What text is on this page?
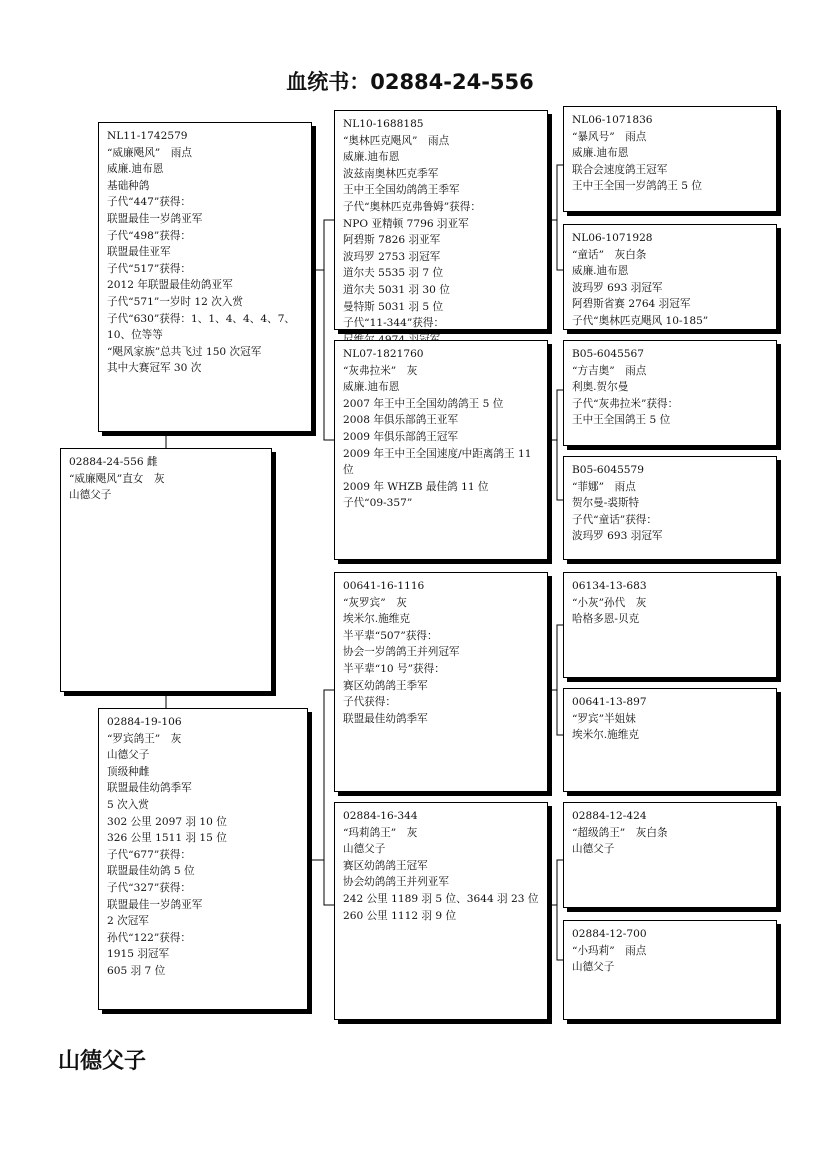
血统书：02884-24-556
02884-24-556 雌
“威廉飓风”直女　灰
山德父子
NL11-1742579
“威廉飓风”　雨点
威廉.迪布恩
基础种鸽
子代“447”获得：
联盟最佳一岁鸽亚军
子代“498”获得：
联盟最佳亚军
子代“517”获得：
2012 年联盟最佳幼鸽亚军
子代“571”一岁时 12 次入赏
子代“630”获得：1、1、4、4、4、7、10、位等等
“飓风家族”总共飞过 150 次冠军
其中大赛冠军 30 次
02884-19-106
“罗宾鸽王”　灰
山德父子
顶级种雌
联盟最佳幼鸽季军
5 次入赏
302 公里 2097 羽 10 位
326 公里 1511 羽 15 位
子代“677”获得：
联盟最佳幼鸽 5 位
子代“327”获得：
联盟最佳一岁鸽亚军
2 次冠军
孙代“122”获得：
1915 羽冠军
605 羽 7 位
NL10-1688185
“奥林匹克飓风”　雨点
威廉.迪布恩
波兹南奥林匹克季军
王中王全国幼鸽鸽王季军
子代“奥林匹克弗鲁姆”获得：
NPO 亚精顿 7796 羽亚军
阿碧斯 7826 羽亚军
波玛罗 2753 羽冠军
道尔夫 5535 羽 7 位
道尔夫 5031 羽 30 位
曼特斯 5031 羽 5 位
子代“11-344”获得：
NL07-1821760
“灰弗拉米”　灰
威廉.迪布恩
2007 年王中王全国幼鸽鸽王 5 位
2008 年俱乐部鸽王亚军
2009 年俱乐部鸽王冠军
2009 年王中王全国速度/中距离鸽王 11 位
2009 年 WHZB 最佳鸽 11 位
子代“09-357”
00641-16-1116
“灰罗宾”　灰
埃米尔.施维克
半平辈“507”获得：
协会一岁鸽鸽王并列冠军
半平辈“10 号”获得：
赛区幼鸽鸽王季军
子代获得：
联盟最佳幼鸽季军
02884-16-344
“玛莉鸽王”　灰
山德父子
赛区幼鸽鸽王冠军
协会幼鸽鸽王并列亚军
242 公里 1189 羽 5 位、3644 羽 23 位
260 公里 1112 羽 9 位
NL06-1071836
“暴风号”　雨点
威廉.迪布恩
联合会速度鸽王冠军
王中王全国一岁鸽鸽王 5 位
NL06-1071928
“童话”　灰白条
威廉.迪布恩
波玛罗 693 羽冠军
阿碧斯省赛 2764 羽冠军
子代“奥林匹克飓风 10-185”
B05-6045567
“方吉奥”　雨点
利奥.贺尔曼
子代“灰弗拉米”获得：
王中王全国鸽王 5 位
B05-6045579
“菲娜”　雨点
贺尔曼-裘斯特
子代“童话”获得：
波玛罗 693 羽冠军
06134-13-683
“小灰”孙代　灰
哈格多恩-贝克
00641-13-897
“罗宾”半姐妹
埃米尔.施维克
02884-12-424
“超级鸽王”　灰白条
山德父子
02884-12-700
“小玛莉”　雨点
山德父子
山德父子
